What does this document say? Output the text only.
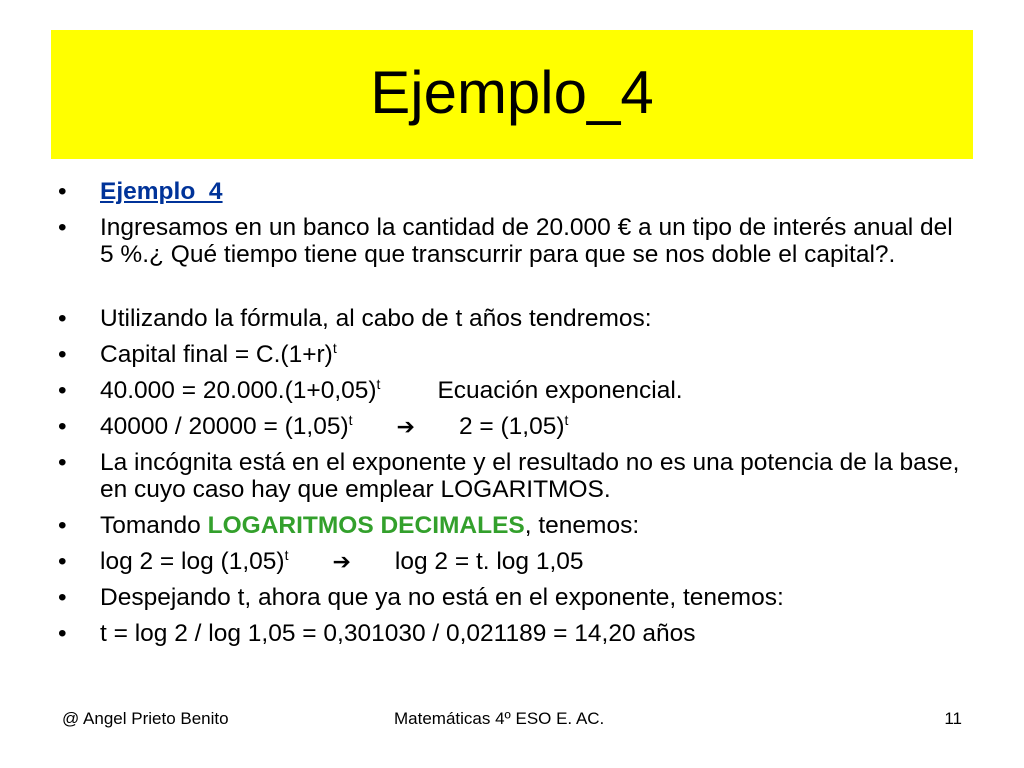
Ejemplo_4
•	Ejemplo_4
•	Ingresamos en un banco la cantidad de 20.000 € a un tipo de interés anual del 5 %.¿ Qué tiempo tiene que transcurrir para que se nos doble el capital?.
•	Utilizando la fórmula, al cabo de t años tendremos:
•	Capital final = $C.(1+r)^t$
•	$40.000 = 20.000.(1+0,05)^t$ Ecuación exponencial.
•	$40000 / 20000 = (1,05)^t$ ➔ $2 = (1,05)^t$
•	La incógnita está en el exponente y el resultado no es una potencia de la base, en cuyo caso hay que emplear LOGARITMOS.
•	Tomando LOGARITMOS DECIMALES, tenemos:
•	$\log 2 = \log (1,05)^t$ ➔ log 2 = t. log 1,05
•	Despejando t, ahora que ya no está en el exponente, tenemos:
•	t = log 2 / log 1,05 = 0,301030 / 0,021189 = 14,20 años
@ Angel Prieto Benito	Matemáticas 4º ESO E. AC.	11
